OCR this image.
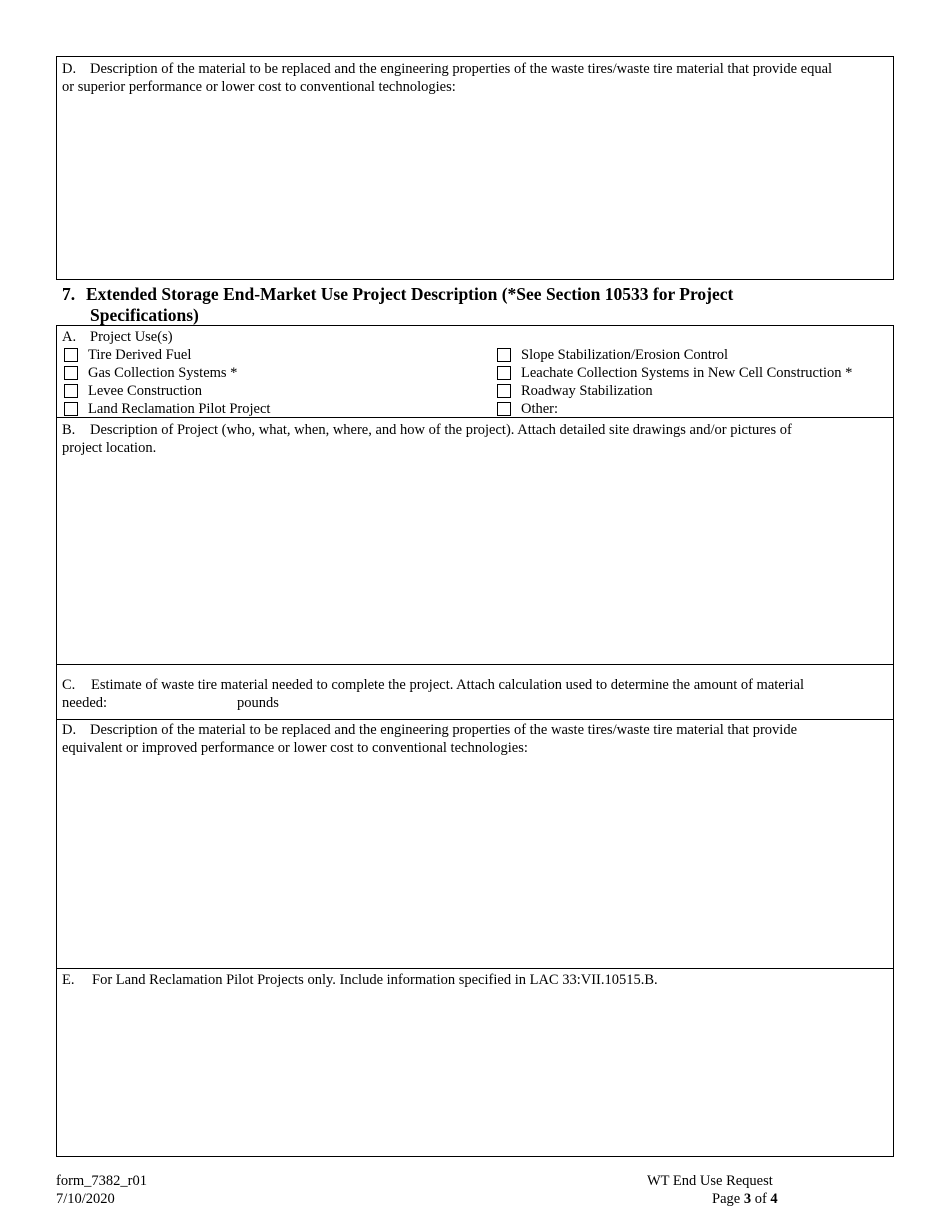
D. Description of the material to be replaced and the engineering properties of the waste tires/waste tire material that provide equal
or superior performance or lower cost to conventional technologies:
7. Extended Storage End-Market Use Project Description (*See Section 10533 for Project
Specifications)
A. Project Use(s)
Tire Derived Fuel
Gas Collection Systems *
Levee Construction
Land Reclamation Pilot Project
Slope Stabilization/Erosion Control
Leachate Collection Systems in New Cell Construction *
Roadway Stabilization
Other:
B. Description of Project (who, what, when, where, and how of the project). Attach detailed site drawings and/or pictures of
project location.
C. Estimate of waste tire material needed to complete the project. Attach calculation used to determine the amount of material
needed:	pounds
D. Description of the material to be replaced and the engineering properties of the waste tires/waste tire material that provide
equivalent or improved performance or lower cost to conventional technologies:
E. For Land Reclamation Pilot Projects only. Include information specified in LAC 33:VII.10515.B.
form_7382_r01
7/10/2020
WT End Use Request
Page 3 of 4
